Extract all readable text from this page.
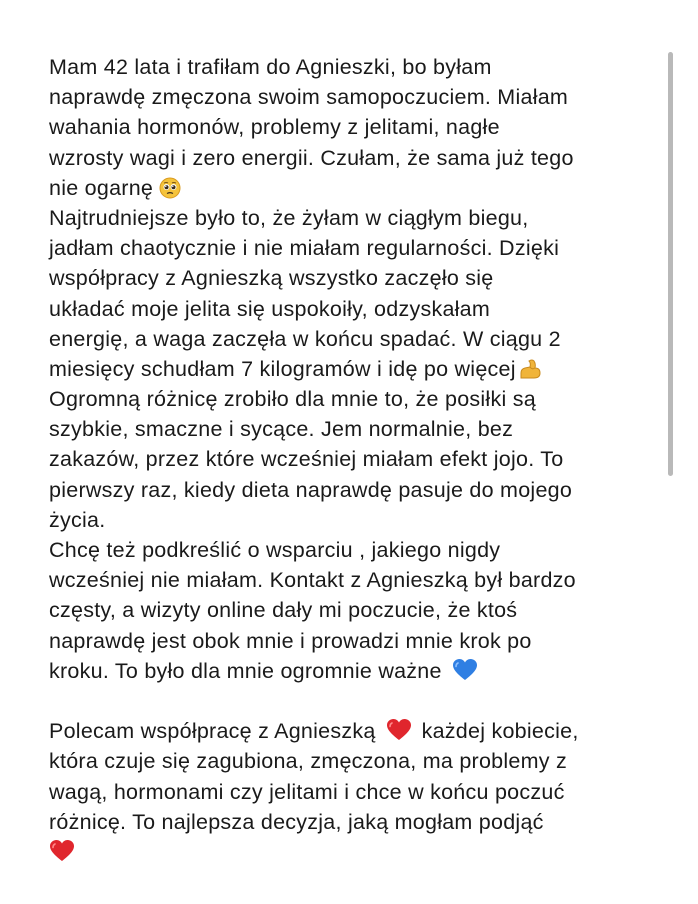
Mam 42 lata i trafiłam do Agnieszki, bo byłam
naprawdę zmęczona swoim samopoczuciem. Miałam
wahania hormonów, problemy z jelitami, nagłe
wzrosty wagi i zero energii. Czułam, że sama już tego
nie ogarnę
Najtrudniejsze było to, że żyłam w ciągłym biegu,
jadłam chaotycznie i nie miałam regularności. Dzięki
współpracy z Agnieszką wszystko zaczęło się
układać moje jelita się uspokoiły, odzyskałam
energię, a waga zaczęła w końcu spadać. W ciągu 2
miesięcy schudłam 7 kilogramów i idę po więcej
Ogromną różnicę zrobiło dla mnie to, że posiłki są
szybkie, smaczne i sycące. Jem normalnie, bez
zakazów, przez które wcześniej miałam efekt jojo. To
pierwszy raz, kiedy dieta naprawdę pasuje do mojego
życia.
Chcę też podkreślić o wsparciu , jakiego nigdy
wcześniej nie miałam. Kontakt z Agnieszką był bardzo
częsty, a wizyty online dały mi poczucie, że ktoś
naprawdę jest obok mnie i prowadzi mnie krok po
kroku. To było dla mnie ogromnie ważne
Polecam współpracę z Agnieszką każdej kobiecie,
która czuje się zagubiona, zmęczona, ma problemy z
wagą, hormonami czy jelitami i chce w końcu poczuć
różnicę. To najlepsza decyzja, jaką mogłam podjąć
